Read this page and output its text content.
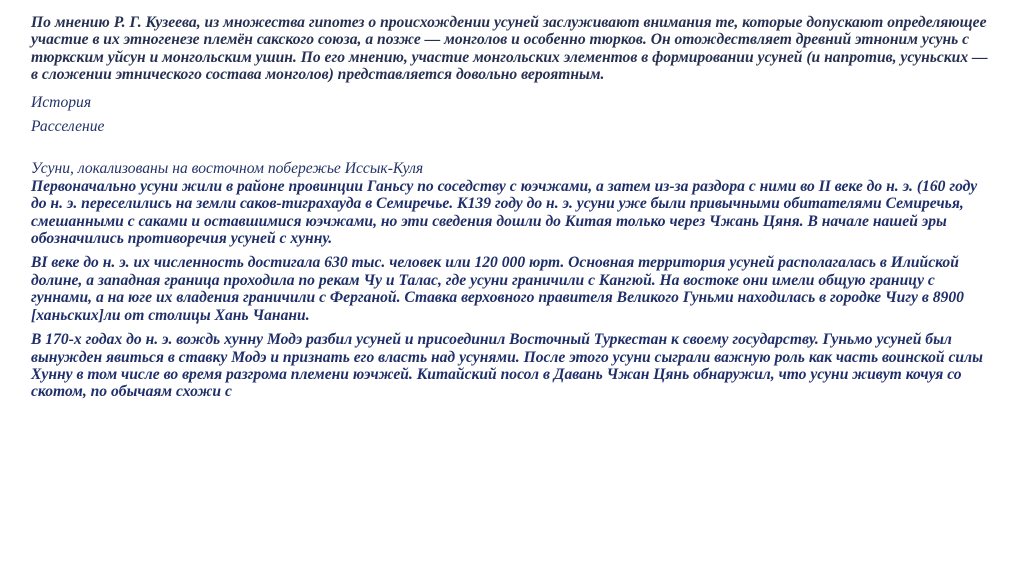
По мнению Р. Г. Кузеева, из множества гипотез о происхождении усуней заслуживают внимания те, которые допускают определяющее участие в их этногенезе племён сакского союза, а позже — монголов и особенно тюрков. Он отождествляет древний этноним усунь с тюркским уйсун и монгольским ушин. По его мнению, участие монгольских элементов в формировании усуней (и напротив, усуньских — в сложении этнического состава монголов) представляется довольно вероятным.

История

Расселение

Усуни, локализованы на восточном побережье Иссык-Куля

Первоначально усуни жили в районе провинции Ганьсу по соседству с юэчжами, а затем из-за раздора с ними во II веке до н. э. (160 году до н. э. переселились на земли саков-тиграхауда в Семиречье. К139 году до н. э. усуни уже были привычными обитателями Семиречья, смешанными с саками и оставшимися юэчжами, но эти сведения дошли до Китая только через Чжань Цяня. В начале нашей эры обозначились противоречия усуней с хунну.

ВI веке до н. э. их численность достигала 630 тыс. человек или 120 000 юрт. Основная территория усуней располагалась в Илийской долине, а западная граница проходила по рекам Чу и Талас, где усуни граничили с Кангюй. На востоке они имели общую границу с гуннами, а на юге их владения граничили с Ферганой. Ставка верховного правителя Великого Гуньми находилась в городке Чигу в 8900 [ханьских]ли от столицы Хань Чанани.

В 170-х годах до н. э. вождь хунну Модэ разбил усуней и присоединил Восточный Туркестан к своему государству. Гуньмо усуней был вынужден явиться в ставку Модэ и признать его власть над усунями. После этого усуни сыграли важную роль как часть воинской силы Хунну в том числе во время разгрома племени юэчжей. Китайский посол в Давань Чжан Цянь обнаружил, что усуни живут кочуя со скотом, по обычаям схожи с
